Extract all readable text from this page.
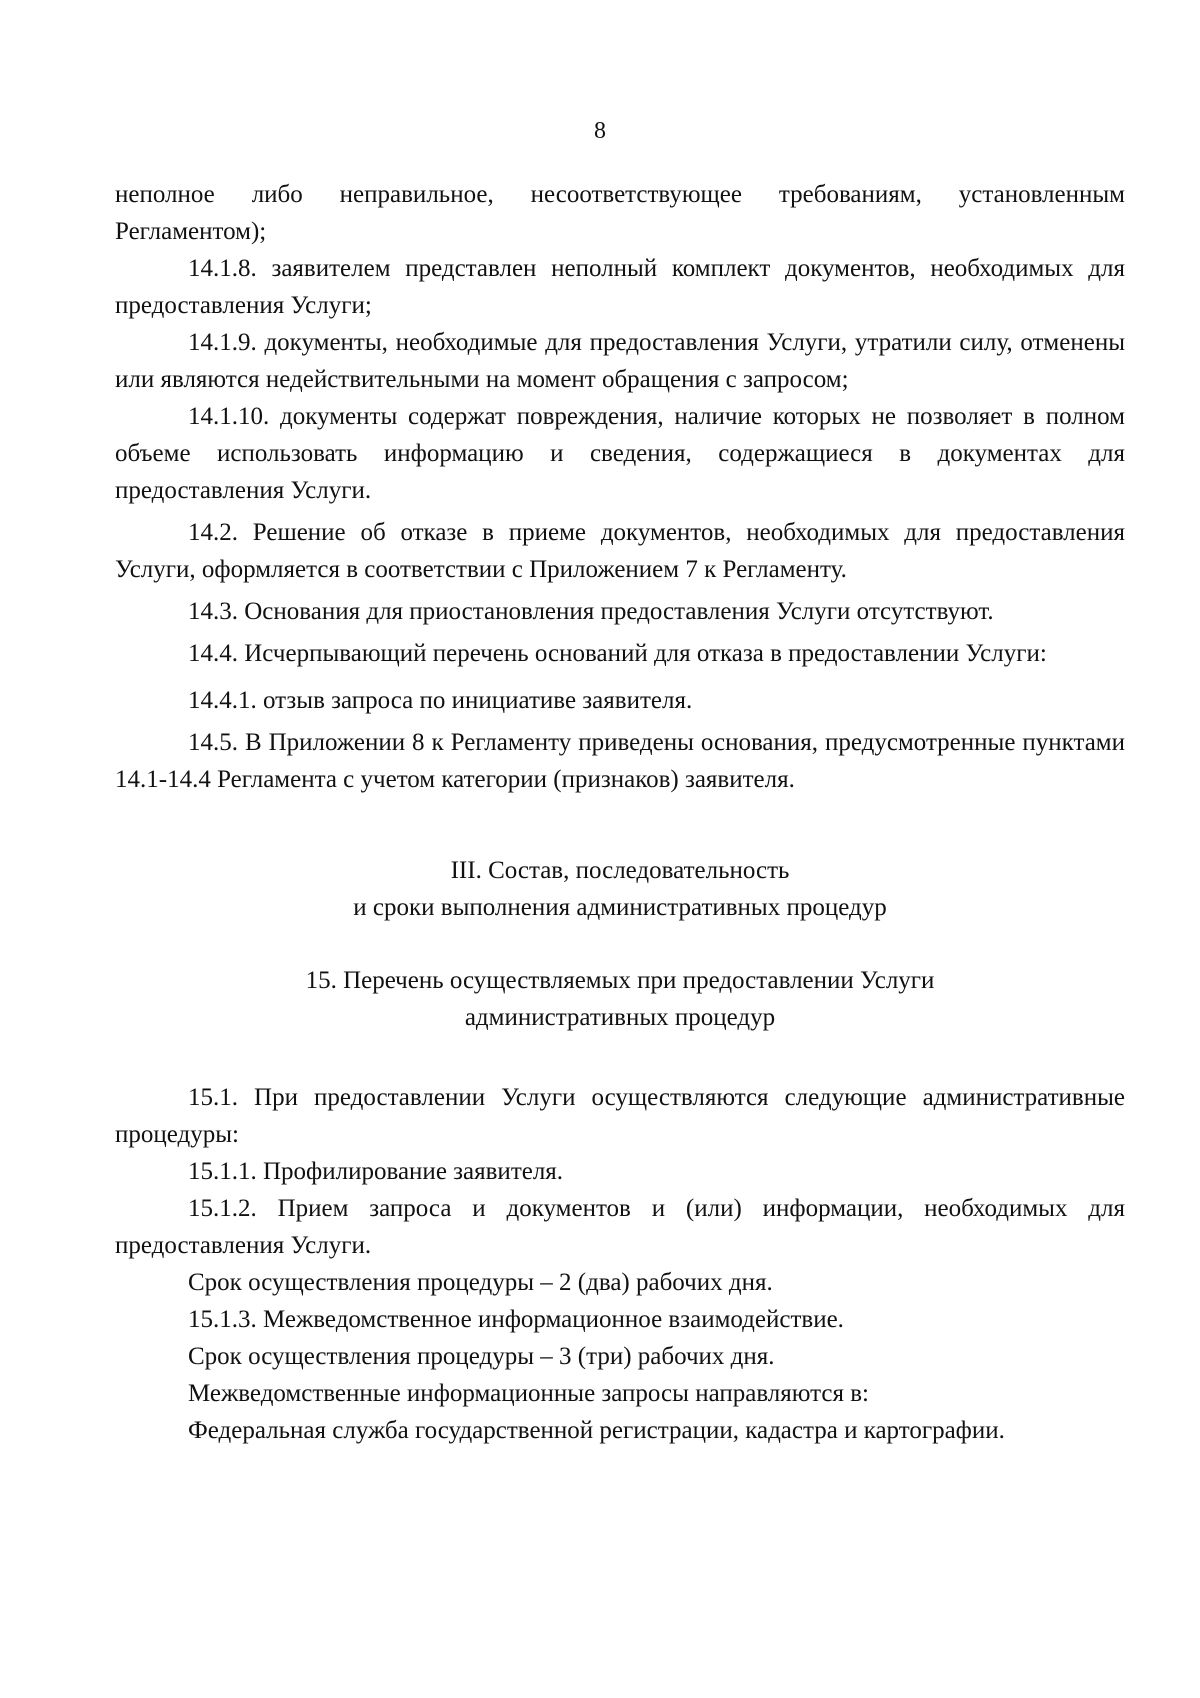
8

неполное либо неправильное, несоответствующее требованиям, установленным Регламентом);

14.1.8. заявителем представлен неполный комплект документов, необходимых для предоставления Услуги;

14.1.9. документы, необходимые для предоставления Услуги, утратили силу, отменены или являются недействительными на момент обращения с запросом;

14.1.10. документы содержат повреждения, наличие которых не позволяет в полном объеме использовать информацию и сведения, содержащиеся в документах для предоставления Услуги.

14.2. Решение об отказе в приеме документов, необходимых для предоставления Услуги, оформляется в соответствии с Приложением 7 к Регламенту.

14.3. Основания для приостановления предоставления Услуги отсутствуют.

14.4. Исчерпывающий перечень оснований для отказа в предоставлении Услуги:

14.4.1. отзыв запроса по инициативе заявителя.

14.5. В Приложении 8 к Регламенту приведены основания, предусмотренные пунктами 14.1-14.4 Регламента с учетом категории (признаков) заявителя.

III. Состав, последовательность
и сроки выполнения административных процедур
15. Перечень осуществляемых при предоставлении Услуги
административных процедур

15.1. При предоставлении Услуги осуществляются следующие административные процедуры:

15.1.1. Профилирование заявителя.

15.1.2. Прием запроса и документов и (или) информации, необходимых для предоставления Услуги.

Срок осуществления процедуры – 2 (два) рабочих дня.

15.1.3. Межведомственное информационное взаимодействие.

Срок осуществления процедуры – 3 (три) рабочих дня.

Межведомственные информационные запросы направляются в:

Федеральная служба государственной регистрации, кадастра и картографии.
